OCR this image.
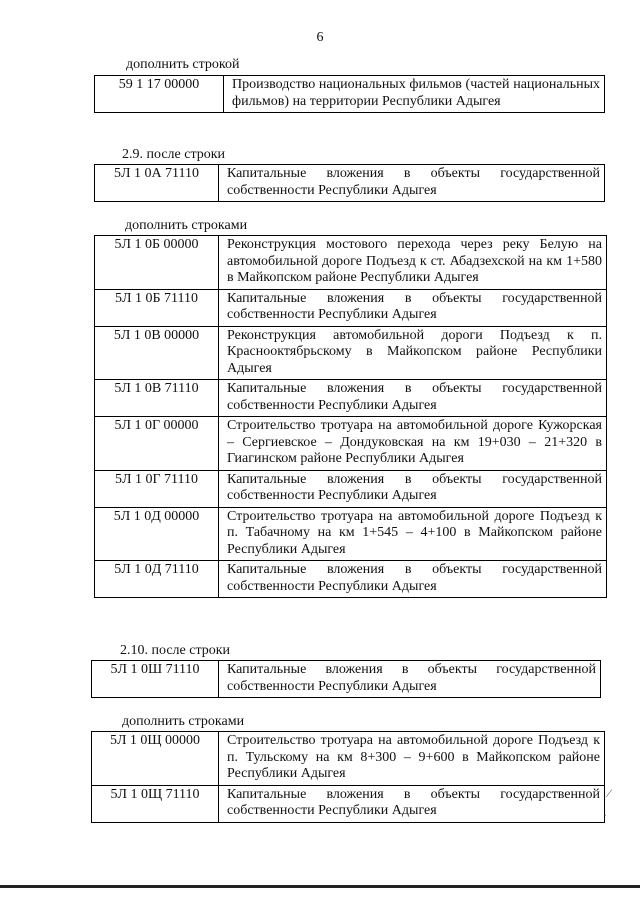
6
дополнить строкой
59 1 17 00000	Производство национальных фильмов (частей национальных фильмов) на территории Республики Адыгея
2.9. после строки
5Л 1 0А 71110	Капитальные вложения в объекты государственной собственности Республики Адыгея
дополнить строками
5Л 1 0Б 00000	Реконструкция мостового перехода через реку Белую на автомобильной дороге Подъезд к ст. Абадзехской на км 1+580 в Майкопском районе Республики Адыгея
5Л 1 0Б 71110	Капитальные вложения в объекты государственной собственности Республики Адыгея
5Л 1 0В 00000	Реконструкция автомобильной дороги Подъезд к п. Краснооктябрьскому в Майкопском районе Республики Адыгея
5Л 1 0В 71110	Капитальные вложения в объекты государственной собственности Республики Адыгея
5Л 1 0Г 00000	Строительство тротуара на автомобильной дороге Кужорская – Сергиевское – Дондуковская на км 19+030 – 21+320 в Гиагинском районе Республики Адыгея
5Л 1 0Г 71110	Капитальные вложения в объекты государственной собственности Республики Адыгея
5Л 1 0Д 00000	Строительство тротуара на автомобильной дороге Подъезд к п. Табачному на км 1+545 – 4+100 в Майкопском районе Республики Адыгея
5Л 1 0Д 71110	Капитальные вложения в объекты государственной собственности Республики Адыгея
2.10. после строки
5Л 1 0Ш 71110	Капитальные вложения в объекты государственной собственности Республики Адыгея
дополнить строками
5Л 1 0Щ 00000	Строительство тротуара на автомобильной дороге Подъезд к п. Тульскому на км 8+300 – 9+600 в Майкопском районе Республики Адыгея
5Л 1 0Щ 71110	Капитальные вложения в объекты государственной собственности Республики Адыгея
⁄
·
